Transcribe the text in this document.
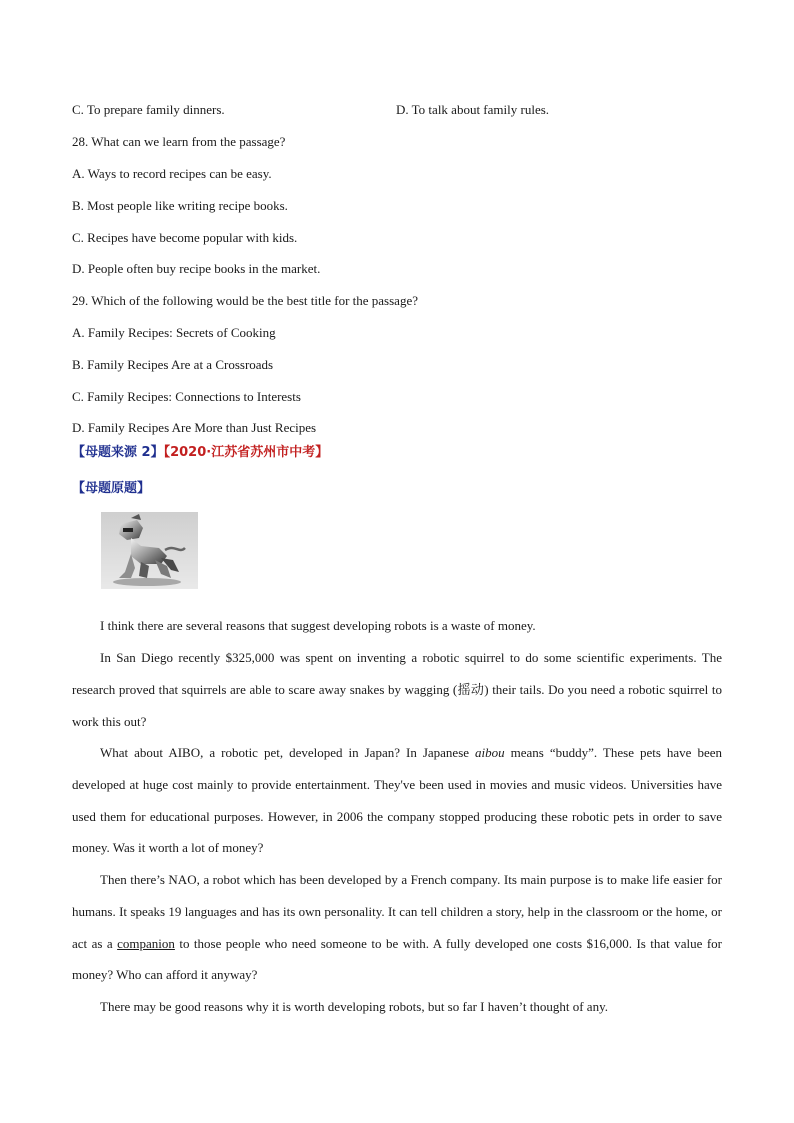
C. To prepare family dinners.	D. To talk about family rules.
28. What can we learn from the passage?
A. Ways to record recipes can be easy.
B. Most people like writing recipe books.
C. Recipes have become popular with kids.
D. People often buy recipe books in the market.
29. Which of the following would be the best title for the passage?
A. Family Recipes: Secrets of Cooking
B. Family Recipes Are at a Crossroads
C. Family Recipes: Connections to Interests
D. Family Recipes Are More than Just Recipes
【母题来源 2】【2020·江苏省苏州市中考】
【母题原题】
I think there are several reasons that suggest developing robots is a waste of money.
In San Diego recently $325,000 was spent on inventing a robotic squirrel to do some scientific experiments. The research proved that squirrels are able to scare away snakes by wagging (摇动) their tails. Do you need a robotic squirrel to work this out?
What about AIBO, a robotic pet, developed in Japan? In Japanese aibou means “buddy”. These pets have been developed at huge cost mainly to provide entertainment. They've been used in movies and music videos. Universities have used them for educational purposes. However, in 2006 the company stopped producing these robotic pets in order to save money. Was it worth a lot of money?
Then there’s NAO, a robot which has been developed by a French company. Its main purpose is to make life easier for humans. It speaks 19 languages and has its own personality. It can tell children a story, help in the classroom or the home, or act as a companion to those people who need someone to be with. A fully developed one costs $16,000. Is that value for money? Who can afford it anyway?
There may be good reasons why it is worth developing robots, but so far I haven’t thought of any.
